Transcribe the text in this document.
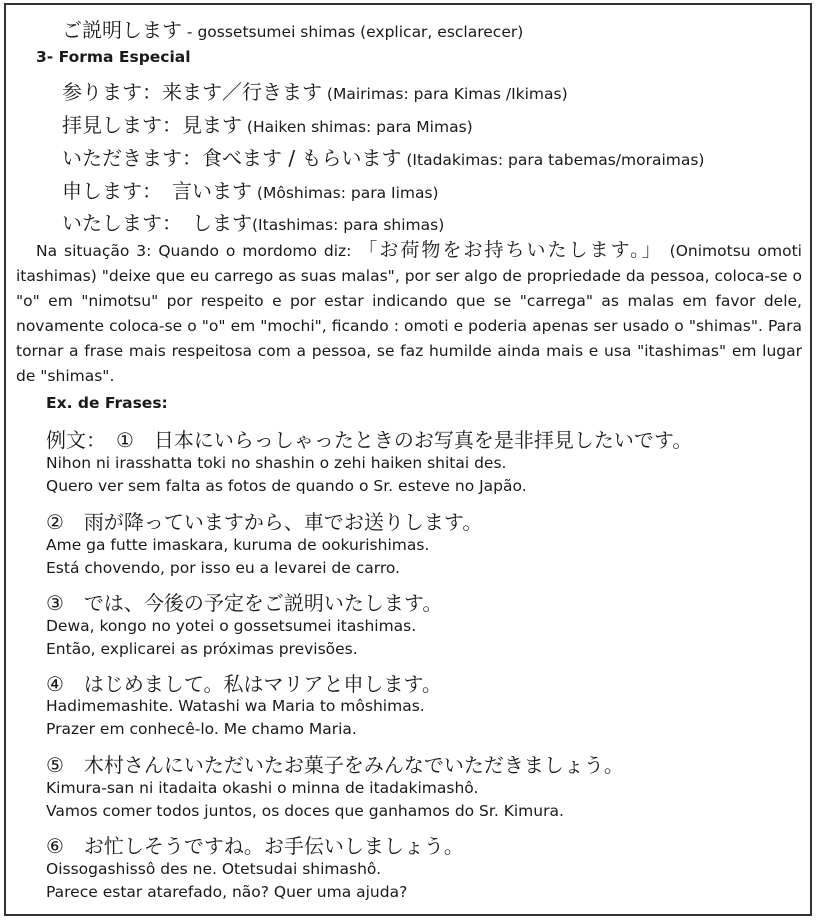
ご説明します - gossetsumei shimas (explicar, esclarecer)
3- Forma Especial
参ります：来ます／行きます (Mairimas: para Kimas /Ikimas)
拝見します：見ます (Haiken shimas: para Mimas)
いただきます：食べます / もらいます (Itadakimas: para tabemas/moraimas)
申します：　言います (Môshimas: para Iimas)
いたします：　します(Itashimas: para shimas)
Na situação 3: Quando o mordomo diz: 「お荷物をお持ちいたします。」 (Onimotsu omoti itashimas) "deixe que eu carrego as suas malas", por ser algo de propriedade da pessoa, coloca-se o "o" em "nimotsu" por respeito e por estar indicando que se "carrega" as malas em favor dele, novamente coloca-se o "o" em "mochi", ficando : omoti e poderia apenas ser usado o "shimas". Para tornar a frase mais respeitosa com a pessoa, se faz humilde ainda mais e usa "itashimas" em lugar de "shimas".
Ex. de Frases:
例文：　①　日本にいらっしゃったときのお写真を是非拝見したいです。
Nihon ni irasshatta toki no shashin o zehi haiken shitai des.
Quero ver sem falta as fotos de quando o Sr. esteve no Japão.
②　雨が降っていますから、車でお送りします。
Ame ga futte imaskara, kuruma de ookurishimas.
Está chovendo, por isso eu a levarei de carro.
③　では、今後の予定をご説明いたします。
Dewa, kongo no yotei o gossetsumei itashimas.
Então, explicarei as próximas previsões.
④　はじめまして。私はマリアと申します。
Hadimemashite. Watashi wa Maria to môshimas.
Prazer em conhecê-lo. Me chamo Maria.
⑤　木村さんにいただいたお菓子をみんなでいただきましょう。
Kimura-san ni itadaita okashi o minna de itadakimashô.
Vamos comer todos juntos, os doces que ganhamos do Sr. Kimura.
⑥　お忙しそうですね。お手伝いしましょう。
Oissogashissô des ne. Otetsudai shimashô.
Parece estar atarefado, não? Quer uma ajuda?
